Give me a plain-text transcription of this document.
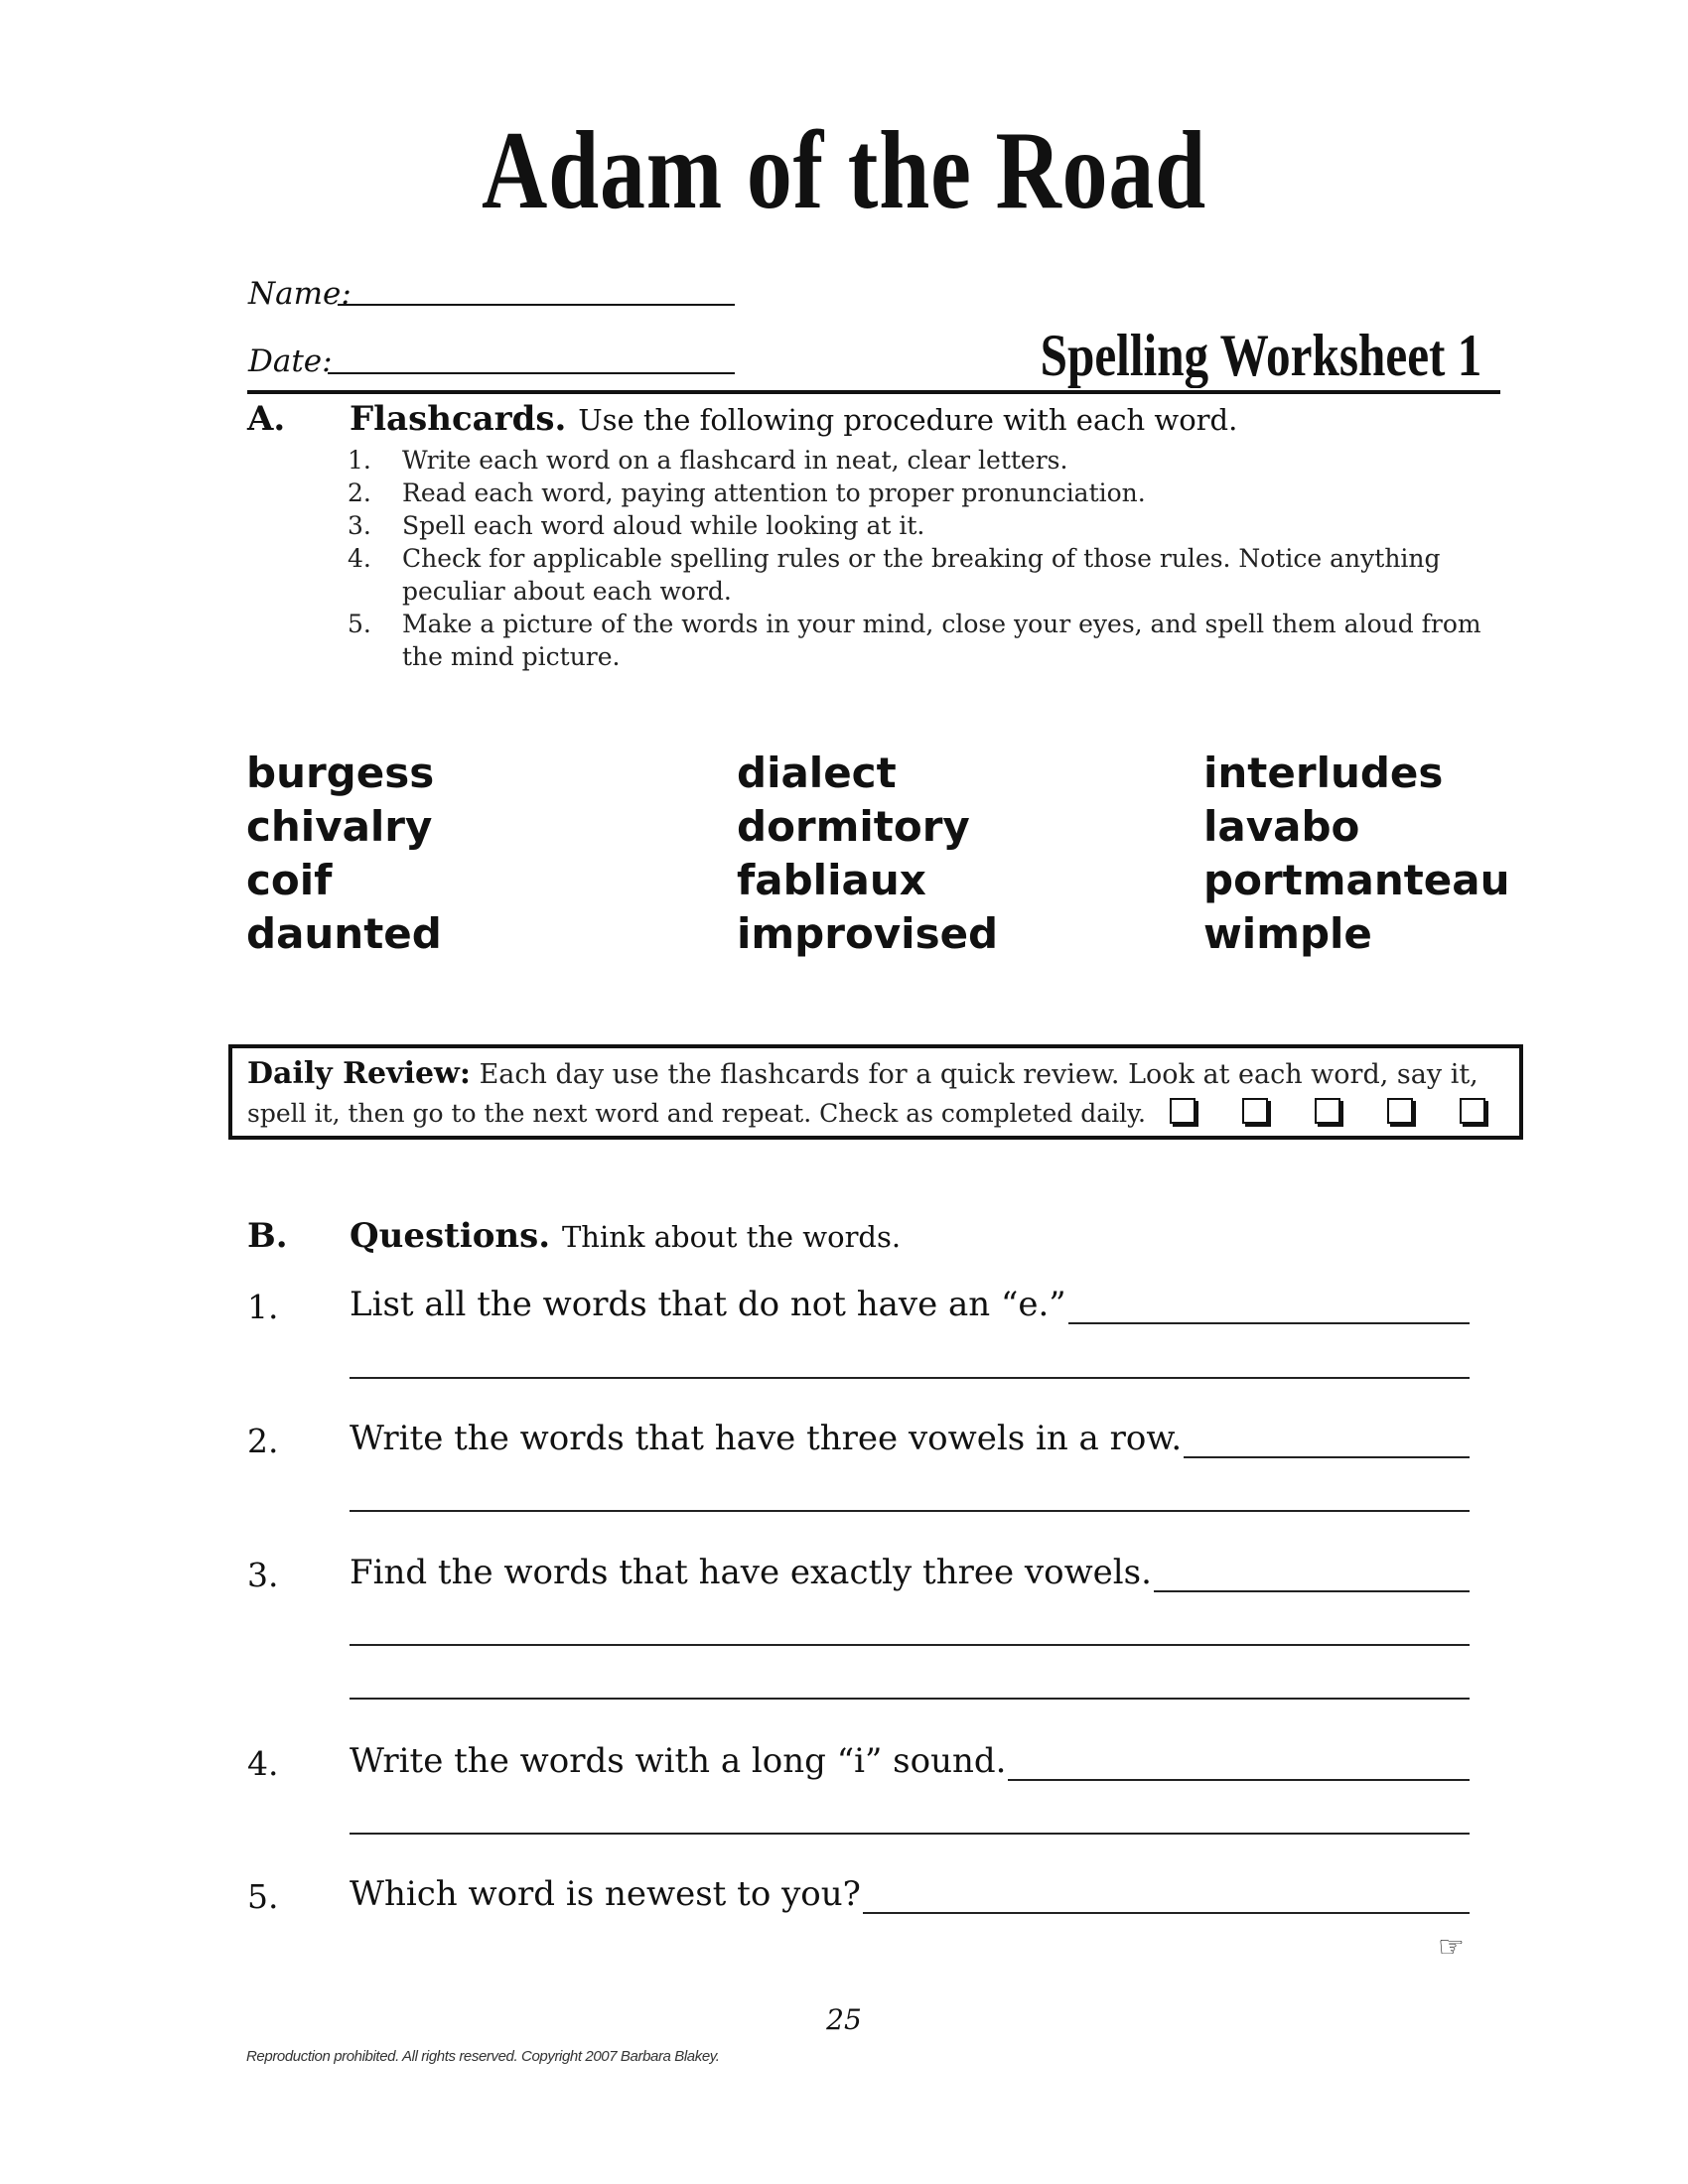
Adam of the Road
Name:
Date:	Spelling Worksheet 1
A. Flashcards. Use the following procedure with each word.
1. Write each word on a flashcard in neat, clear letters.
2. Read each word, paying attention to proper pronunciation.
3. Spell each word aloud while looking at it.
4. Check for applicable spelling rules or the breaking of those rules. Notice anything peculiar about each word.
5. Make a picture of the words in your mind, close your eyes, and spell them aloud from the mind picture.
burgess
chivalry
coif
daunted
dialect
dormitory
fabliaux
improvised
interludes
lavabo
portmanteau
wimple
Daily Review: Each day use the flashcards for a quick review. Look at each word, say it,
spell it, then go to the next word and repeat. Check as completed daily.
B. Questions. Think about the words.
1. List all the words that do not have an “e.”
2. Write the words that have three vowels in a row.
3. Find the words that have exactly three vowels.
4. Write the words with a long “i” sound.
5. Which word is newest to you?
☞
25
Reproduction prohibited. All rights reserved. Copyright 2007 Barbara Blakey.
